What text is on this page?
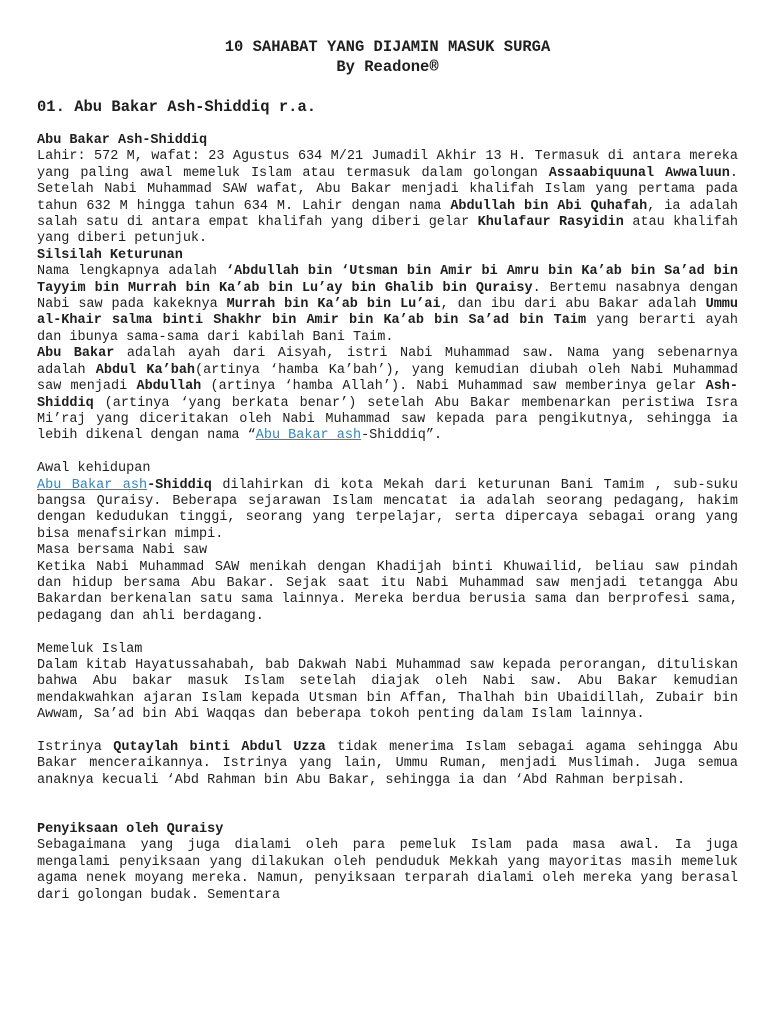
10 SAHABAT YANG DIJAMIN MASUK SURGA
By Readone®
01. Abu Bakar Ash-Shiddiq r.a.
Abu Bakar Ash-Shiddiq

Lahir: 572 M, wafat: 23 Agustus 634 M/21 Jumadil Akhir 13 H. Termasuk di antara mereka yang paling awal memeluk Islam atau termasuk dalam golongan Assaabiquunal Awwaluun. Setelah Nabi Muhammad SAW wafat, Abu Bakar menjadi khalifah Islam yang pertama pada tahun 632 M hingga tahun 634 M. Lahir dengan nama Abdullah bin Abi Quhafah, ia adalah salah satu di antara empat khalifah yang diberi gelar Khulafaur Rasyidin atau khalifah yang diberi petunjuk.

Silsilah Keturunan

Nama lengkapnya adalah ‘Abdullah bin ‘Utsman bin Amir bi Amru bin Ka’ab bin Sa’ad bin Tayyim bin Murrah bin Ka’ab bin Lu’ay bin Ghalib bin Quraisy. Bertemu nasabnya dengan Nabi saw pada kakeknya Murrah bin Ka’ab bin Lu’ai, dan ibu dari abu Bakar adalah Ummu al-Khair salma binti Shakhr bin Amir bin Ka’ab bin Sa’ad bin Taim yang berarti ayah dan ibunya sama-sama dari kabilah Bani Taim.

Abu Bakar adalah ayah dari Aisyah, istri Nabi Muhammad saw. Nama yang sebenarnya adalah Abdul Ka’bah(artinya ‘hamba Ka’bah’), yang kemudian diubah oleh Nabi Muhammad saw menjadi Abdullah (artinya ‘hamba Allah’). Nabi Muhammad saw memberinya gelar Ash-Shiddiq (artinya ‘yang berkata benar’) setelah Abu Bakar membenarkan peristiwa Isra Mi’raj yang diceritakan oleh Nabi Muhammad saw kepada para pengikutnya, sehingga ia lebih dikenal dengan nama “Abu Bakar ash-Shiddiq”.

Awal kehidupan

Abu Bakar ash-Shiddiq dilahirkan di kota Mekah dari keturunan Bani Tamim , sub-suku bangsa Quraisy. Beberapa sejarawan Islam mencatat ia adalah seorang pedagang, hakim dengan kedudukan tinggi, seorang yang terpelajar, serta dipercaya sebagai orang yang bisa menafsirkan mimpi.

Masa bersama Nabi saw

Ketika Nabi Muhammad SAW menikah dengan Khadijah binti Khuwailid, beliau saw pindah dan hidup bersama Abu Bakar. Sejak saat itu Nabi Muhammad saw menjadi tetangga Abu Bakardan berkenalan satu sama lainnya. Mereka berdua berusia sama dan berprofesi sama, pedagang dan ahli berdagang.

Memeluk Islam

Dalam kitab Hayatussahabah, bab Dakwah Nabi Muhammad saw kepada perorangan, dituliskan bahwa Abu bakar masuk Islam setelah diajak oleh Nabi saw. Abu Bakar kemudian mendakwahkan ajaran Islam kepada Utsman bin Affan, Thalhah bin Ubaidillah, Zubair bin Awwam, Sa’ad bin Abi Waqqas dan beberapa tokoh penting dalam Islam lainnya.

Istrinya Qutaylah binti Abdul Uzza tidak menerima Islam sebagai agama sehingga Abu Bakar menceraikannya. Istrinya yang lain, Ummu Ruman, menjadi Muslimah. Juga semua anaknya kecuali ‘Abd Rahman bin Abu Bakar, sehingga ia dan ‘Abd Rahman berpisah.

Penyiksaan oleh Quraisy

Sebagaimana yang juga dialami oleh para pemeluk Islam pada masa awal. Ia juga mengalami penyiksaan yang dilakukan oleh penduduk Mekkah yang mayoritas masih memeluk agama nenek moyang mereka. Namun, penyiksaan terparah dialami oleh mereka yang berasal dari golongan budak. Sementara
